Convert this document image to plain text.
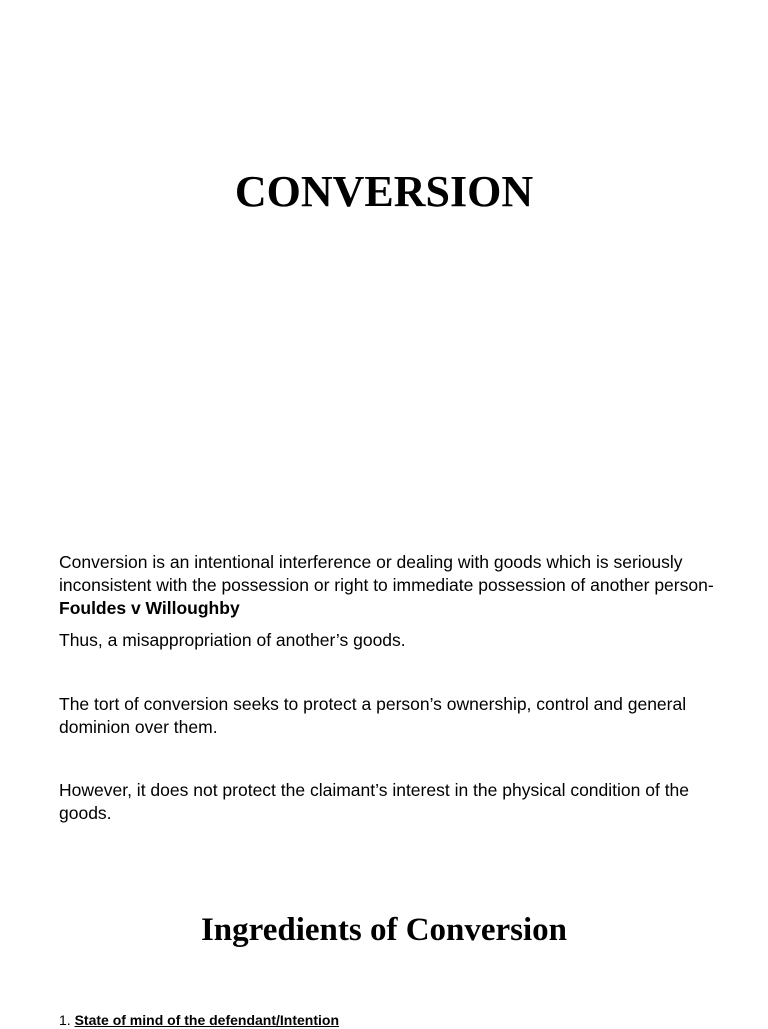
CONVERSION

Conversion is an intentional interference or dealing with goods which is seriously inconsistent with the possession or right to immediate possession of another person- Fouldes v Willoughby

Thus, a misappropriation of another’s goods.

The tort of conversion seeks to protect a person’s ownership, control and general dominion over them.

However, it does not protect the claimant’s interest in the physical condition of the goods.

Ingredients of Conversion

1. State of mind of the defendant/Intention
